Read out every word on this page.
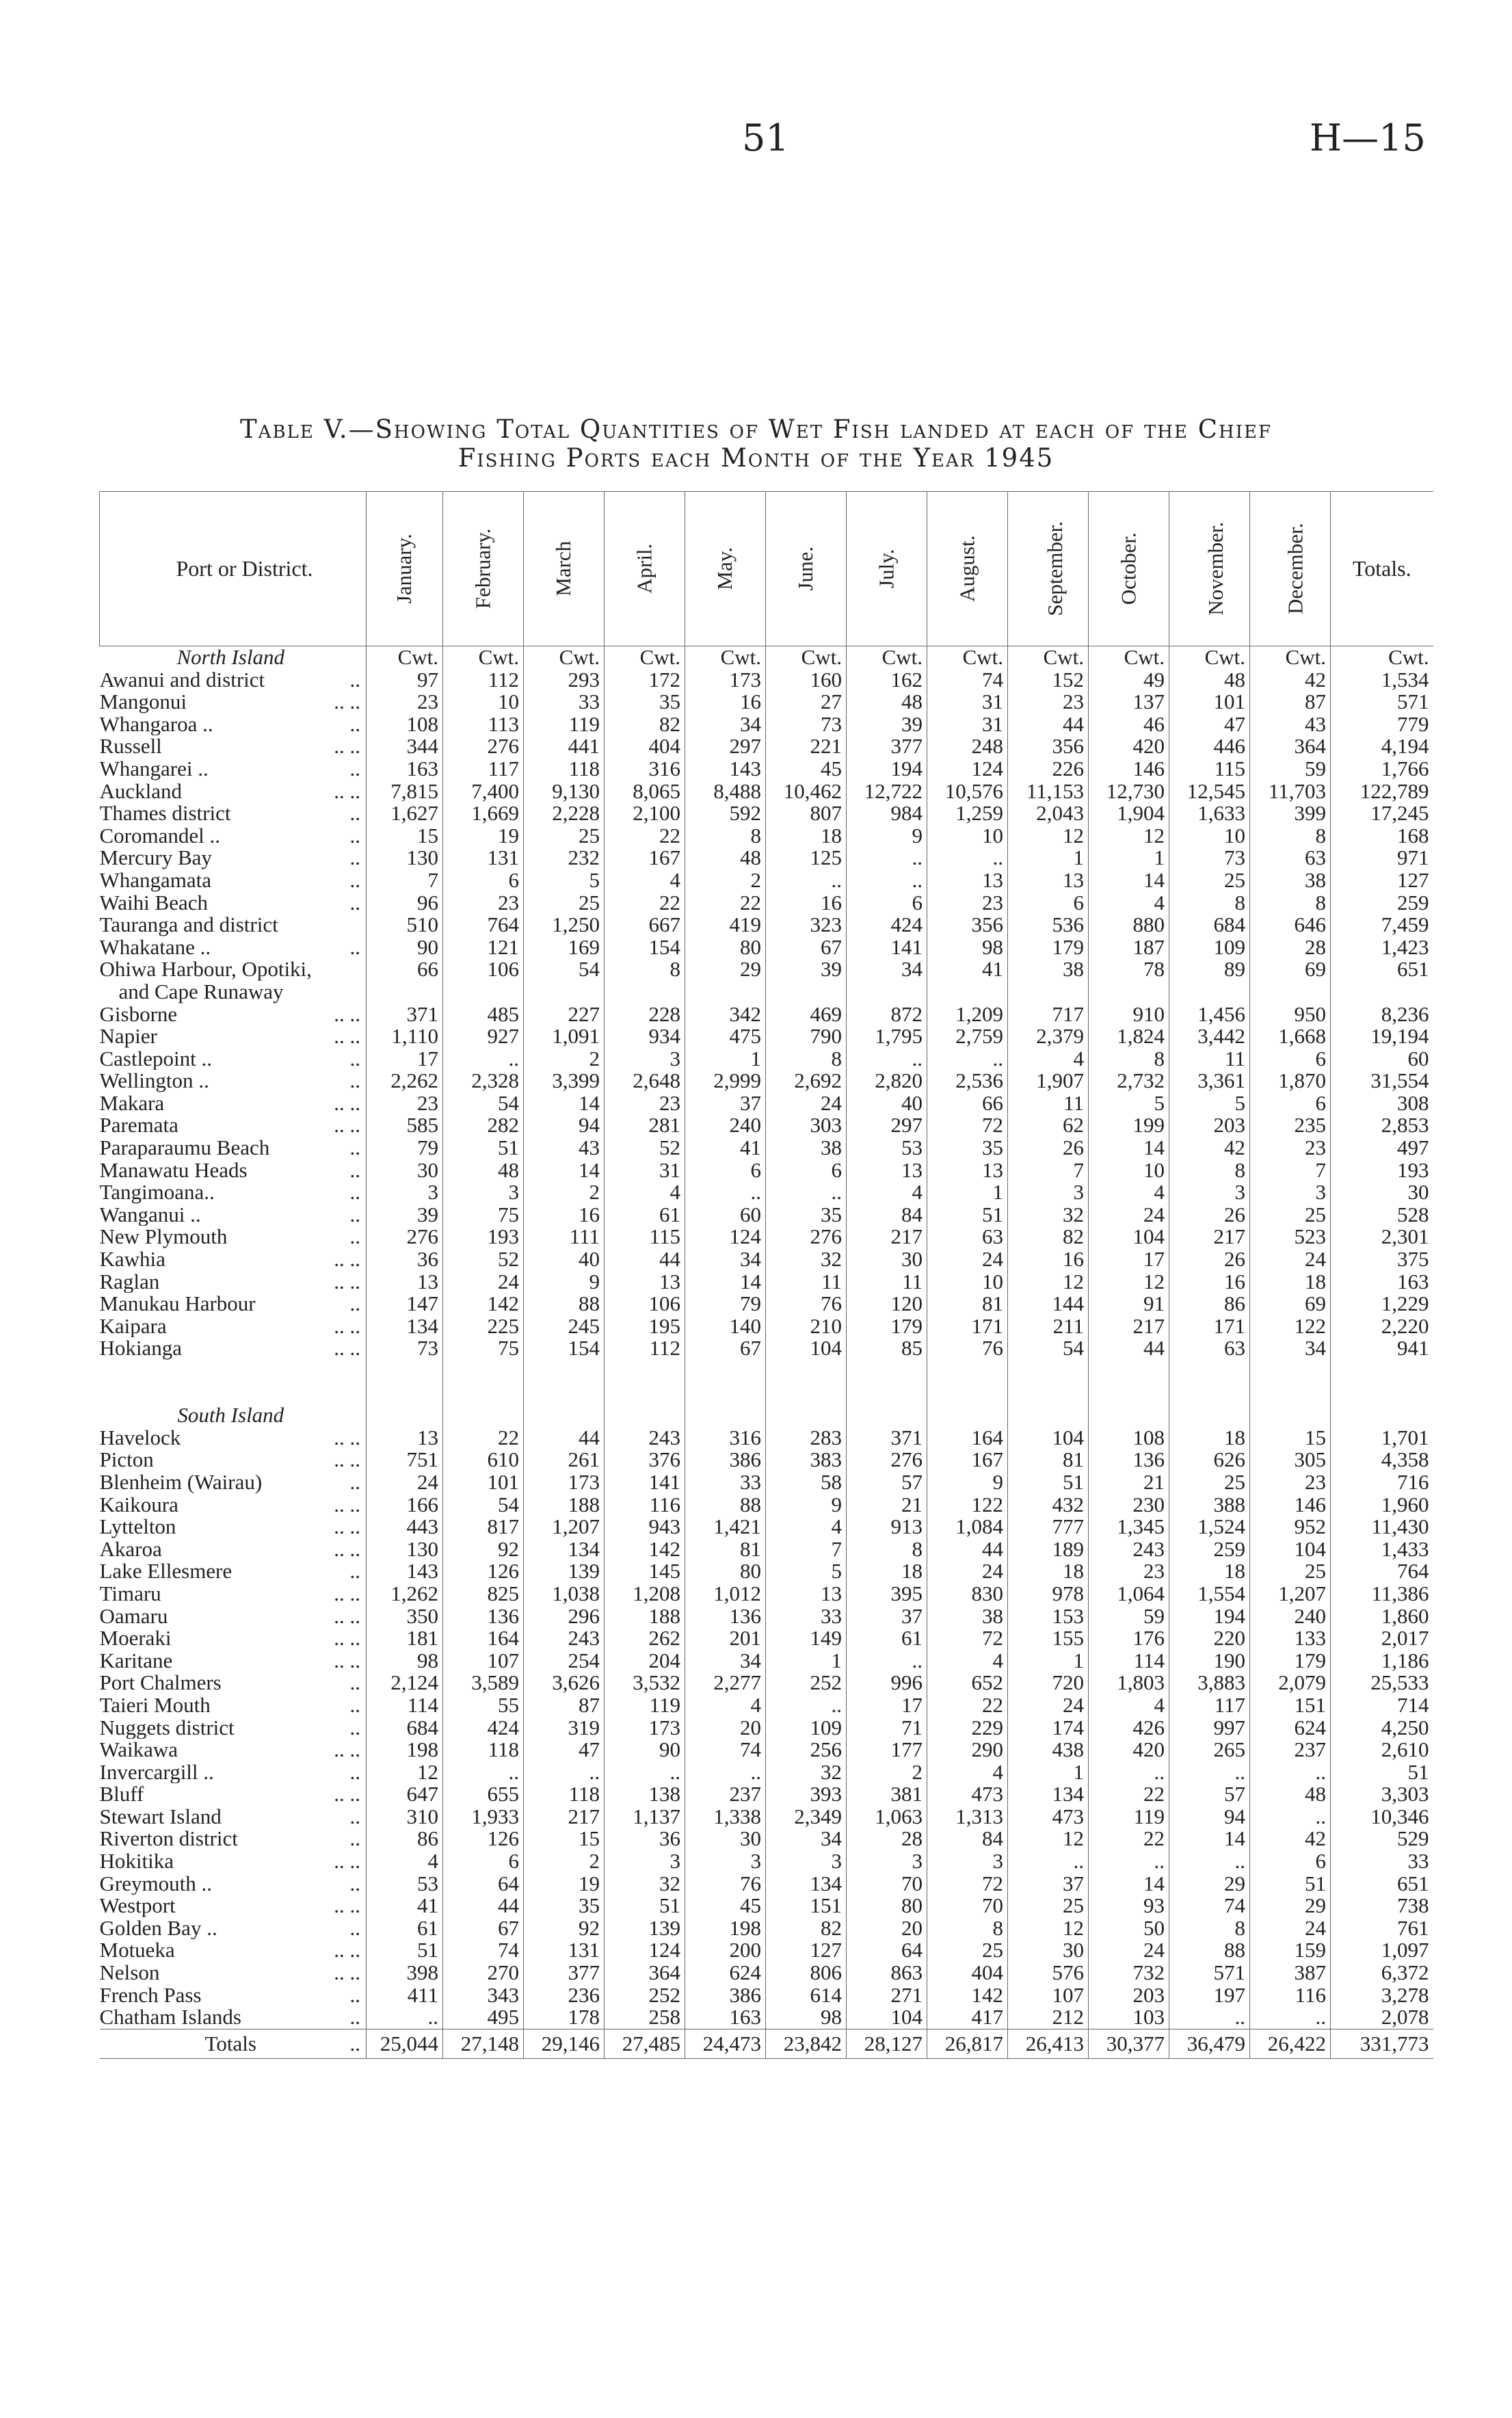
51	H—15
Table V.—Showing Total Quantities of Wet Fish landed at each of the Chief
Fishing Ports each Month of the Year 1945
Port or District.	January.	February.	March	April.	May.	June.	July.	August.	September.	October.	November.	December.	Totals.
North Island	Cwt.	Cwt.	Cwt.	Cwt.	Cwt.	Cwt.	Cwt.	Cwt.	Cwt.	Cwt.	Cwt.	Cwt.	Cwt.
Awanui and district ..	97	112	293	172	173	160	162	74	152	49	48	42	1,534
Mangonui .. ..	23	10	33	35	16	27	48	31	23	137	101	87	571
Whangaroa .. ..	108	113	119	82	34	73	39	31	44	46	47	43	779
Russell .. ..	344	276	441	404	297	221	377	248	356	420	446	364	4,194
Whangarei .. ..	163	117	118	316	143	45	194	124	226	146	115	59	1,766
Auckland .. ..	7,815	7,400	9,130	8,065	8,488	10,462	12,722	10,576	11,153	12,730	12,545	11,703	122,789
Thames district ..	1,627	1,669	2,228	2,100	592	807	984	1,259	2,043	1,904	1,633	399	17,245
Coromandel .. ..	15	19	25	22	8	18	9	10	12	12	10	8	168
Mercury Bay ..	130	131	232	167	48	125	..	..	1	1	73	63	971
Whangamata ..	7	6	5	4	2	..	..	13	13	14	25	38	127
Waihi Beach ..	96	23	25	22	22	16	6	23	6	4	8	8	259
Tauranga and district	510	764	1,250	667	419	323	424	356	536	880	684	646	7,459
Whakatane .. ..	90	121	169	154	80	67	141	98	179	187	109	28	1,423
Ohiwa Harbour, Opotiki,	66	106	54	8	29	39	34	41	38	78	89	69	651
and Cape Runaway

Gisborne .. ..	371	485	227	228	342	469	872	1,209	717	910	1,456	950	8,236
Napier .. ..	1,110	927	1,091	934	475	790	1,795	2,759	2,379	1,824	3,442	1,668	19,194
Castlepoint .. ..	17	..	2	3	1	8	..	..	4	8	11	6	60
Wellington .. ..	2,262	2,328	3,399	2,648	2,999	2,692	2,820	2,536	1,907	2,732	3,361	1,870	31,554
Makara .. ..	23	54	14	23	37	24	40	66	11	5	5	6	308
Paremata .. ..	585	282	94	281	240	303	297	72	62	199	203	235	2,853
Paraparaumu Beach ..	79	51	43	52	41	38	53	35	26	14	42	23	497
Manawatu Heads ..	30	48	14	31	6	6	13	13	7	10	8	7	193
Tangimoana.. ..	3	3	2	4	..	..	4	1	3	4	3	3	30
Wanganui .. ..	39	75	16	61	60	35	84	51	32	24	26	25	528
New Plymouth ..	276	193	111	115	124	276	217	63	82	104	217	523	2,301
Kawhia .. ..	36	52	40	44	34	32	30	24	16	17	26	24	375
Raglan .. ..	13	24	9	13	14	11	11	10	12	12	16	18	163
Manukau Harbour ..	147	142	88	106	79	76	120	81	144	91	86	69	1,229
Kaipara .. ..	134	225	245	195	140	210	179	171	211	217	171	122	2,220
Hokianga .. ..	73	75	154	112	67	104	85	76	54	44	63	34	941

South Island													
Havelock .. ..	13	22	44	243	316	283	371	164	104	108	18	15	1,701
Picton .. ..	751	610	261	376	386	383	276	167	81	136	626	305	4,358
Blenheim (Wairau) ..	24	101	173	141	33	58	57	9	51	21	25	23	716
Kaikoura .. ..	166	54	188	116	88	9	21	122	432	230	388	146	1,960
Lyttelton .. ..	443	817	1,207	943	1,421	4	913	1,084	777	1,345	1,524	952	11,430
Akaroa .. ..	130	92	134	142	81	7	8	44	189	243	259	104	1,433
Lake Ellesmere ..	143	126	139	145	80	5	18	24	18	23	18	25	764
Timaru .. ..	1,262	825	1,038	1,208	1,012	13	395	830	978	1,064	1,554	1,207	11,386
Oamaru .. ..	350	136	296	188	136	33	37	38	153	59	194	240	1,860
Moeraki .. ..	181	164	243	262	201	149	61	72	155	176	220	133	2,017
Karitane .. ..	98	107	254	204	34	1	..	4	1	114	190	179	1,186
Port Chalmers ..	2,124	3,589	3,626	3,532	2,277	252	996	652	720	1,803	3,883	2,079	25,533
Taieri Mouth ..	114	55	87	119	4	..	17	22	24	4	117	151	714
Nuggets district ..	684	424	319	173	20	109	71	229	174	426	997	624	4,250
Waikawa .. ..	198	118	47	90	74	256	177	290	438	420	265	237	2,610
Invercargill .. ..	12	..	..	..	..	32	2	4	1	..	..	..	51
Bluff .. ..	647	655	118	138	237	393	381	473	134	22	57	48	3,303
Stewart Island ..	310	1,933	217	1,137	1,338	2,349	1,063	1,313	473	119	94	..	10,346
Riverton district ..	86	126	15	36	30	34	28	84	12	22	14	42	529
Hokitika .. ..	4	6	2	3	3	3	3	3	..	..	..	6	33
Greymouth .. ..	53	64	19	32	76	134	70	72	37	14	29	51	651
Westport .. ..	41	44	35	51	45	151	80	70	25	93	74	29	738
Golden Bay .. ..	61	67	92	139	198	82	20	8	12	50	8	24	761
Motueka .. ..	51	74	131	124	200	127	64	25	30	24	88	159	1,097
Nelson .. ..	398	270	377	364	624	806	863	404	576	732	571	387	6,372
French Pass ..	411	343	236	252	386	614	271	142	107	203	197	116	3,278
Chatham Islands ..	..	495	178	258	163	98	104	417	212	103	..	..	2,078
Totals ..	25,044	27,148	29,146	27,485	24,473	23,842	28,127	26,817	26,413	30,377	36,479	26,422	331,773
